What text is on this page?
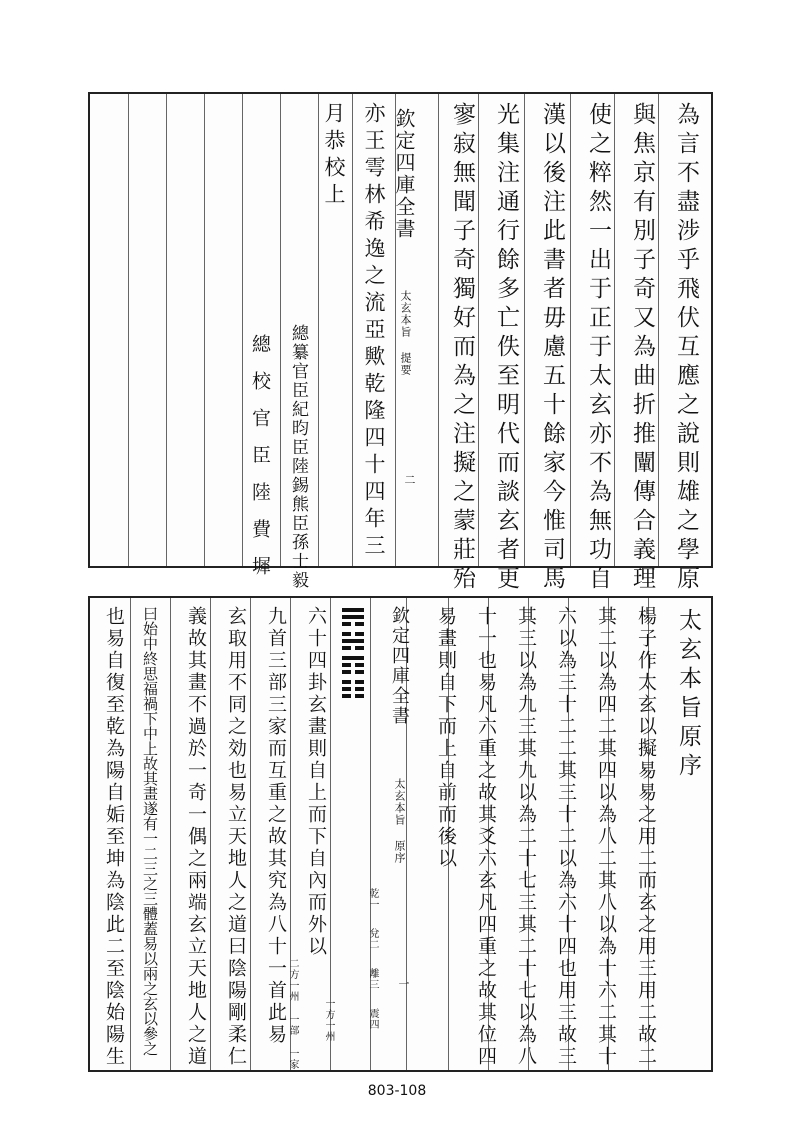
欽定四庫全書
太玄本旨 提要
二	為言不盡涉乎飛伏互應之說則雄之學原
與焦京有別子奇又為曲折推闡傳合義理
使之粹然一出于正于太玄亦不為無功自
漢以後注此書者毋慮五十餘家今惟司馬
光集注通行餘多亡佚至明代而談玄者更
寥寂無聞子奇獨好而為之注擬之蒙莊殆
亦王雩林希逸之流亞歟乾隆四十四年三
月恭校上
總纂官臣紀昀臣陸錫熊臣孫士毅
總校官臣陸費墀
太玄本旨原序
楊子作太玄以擬易易之用二而玄之用三用二故二
其二以為四二其四以為八二其八以為十六二其十
六以為三十二二其三十二以為六十四也用三故三
其三以為九三其九以為二十七三其二十七以為八
十一也易凡六重之故其爻六玄凡四重之故其位四
易畫則自下而上自前而後以
欽定四庫全書
太玄本旨 原序
一
六十四卦玄畫則自上而下自內而外以
九首三部三家而互重之故其究為八十一首此易
玄取用不同之効也易立天地人之道曰陰陽剛柔仁
義故其畫不過於一奇一偶之兩端玄立天地人之道
曰始中終思福禍下中上故其畫遂有一二三之三體蓋易以兩之玄以參之
也易自復至乾為陽自姤至坤為陰此二至陰始陽生	乾一
兌二
離三
震四
一方一州
二方一州 一部 一家
803-108
